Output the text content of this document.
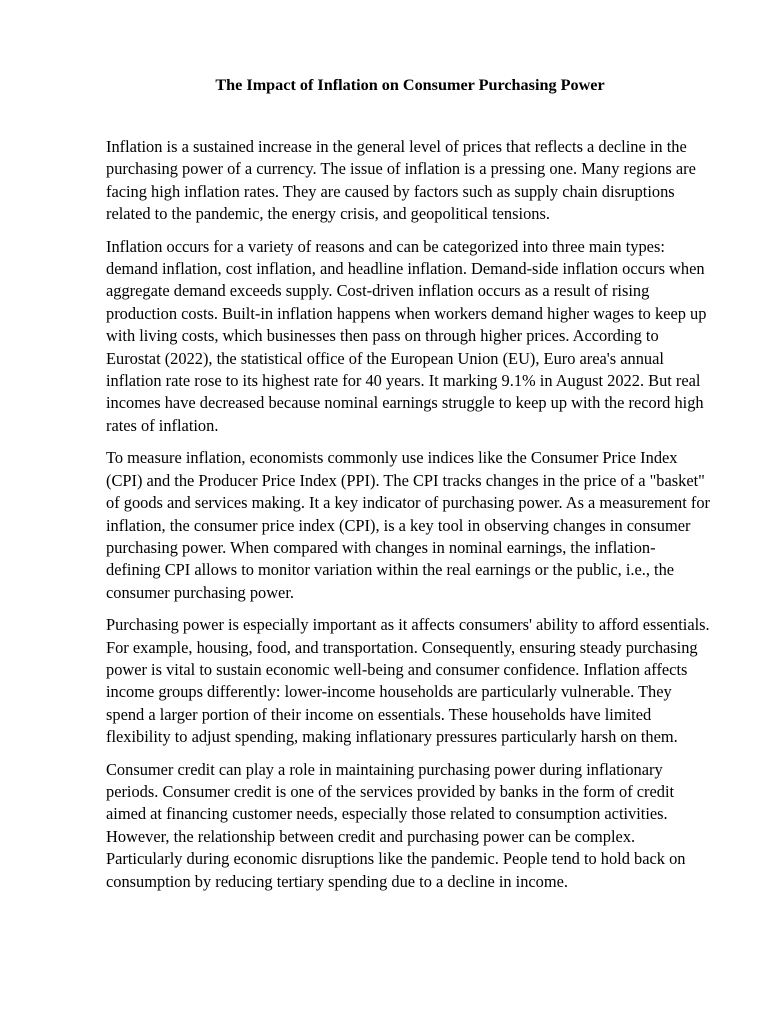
The Impact of Inflation on Consumer Purchasing Power

Inflation is a sustained increase in the general level of prices that reflects a decline in the purchasing power of a currency. The issue of inflation is a pressing one. Many regions are facing high inflation rates. They are caused by factors such as supply chain disruptions related to the pandemic, the energy crisis, and geopolitical tensions.

Inflation occurs for a variety of reasons and can be categorized into three main types: demand inflation, cost inflation, and headline inflation. Demand-side inflation occurs when aggregate demand exceeds supply. Cost-driven inflation occurs as a result of rising production costs. Built-in inflation happens when workers demand higher wages to keep up with living costs, which businesses then pass on through higher prices. According to Eurostat (2022), the statistical office of the European Union (EU), Euro area's annual inflation rate rose to its highest rate for 40 years. It marking 9.1% in August 2022. But real incomes have decreased because nominal earnings struggle to keep up with the record high rates of inflation.

To measure inflation, economists commonly use indices like the Consumer Price Index (CPI) and the Producer Price Index (PPI). The CPI tracks changes in the price of a "basket" of goods and services making. It a key indicator of purchasing power. As a measurement for inflation, the consumer price index (CPI), is a key tool in observing changes in consumer purchasing power. When compared with changes in nominal earnings, the inflation-defining CPI allows to monitor variation within the real earnings or the public, i.e., the consumer purchasing power.

Purchasing power is especially important as it affects consumers' ability to afford essentials. For example, housing, food, and transportation. Consequently, ensuring steady purchasing power is vital to sustain economic well-being and consumer confidence. Inflation affects income groups differently: lower-income households are particularly vulnerable. They spend a larger portion of their income on essentials. These households have limited flexibility to adjust spending, making inflationary pressures particularly harsh on them.

Consumer credit can play a role in maintaining purchasing power during inflationary periods. Consumer credit is one of the services provided by banks in the form of credit aimed at financing customer needs, especially those related to consumption activities. However, the relationship between credit and purchasing power can be complex. Particularly during economic disruptions like the pandemic. People tend to hold back on consumption by reducing tertiary spending due to a decline in income.
